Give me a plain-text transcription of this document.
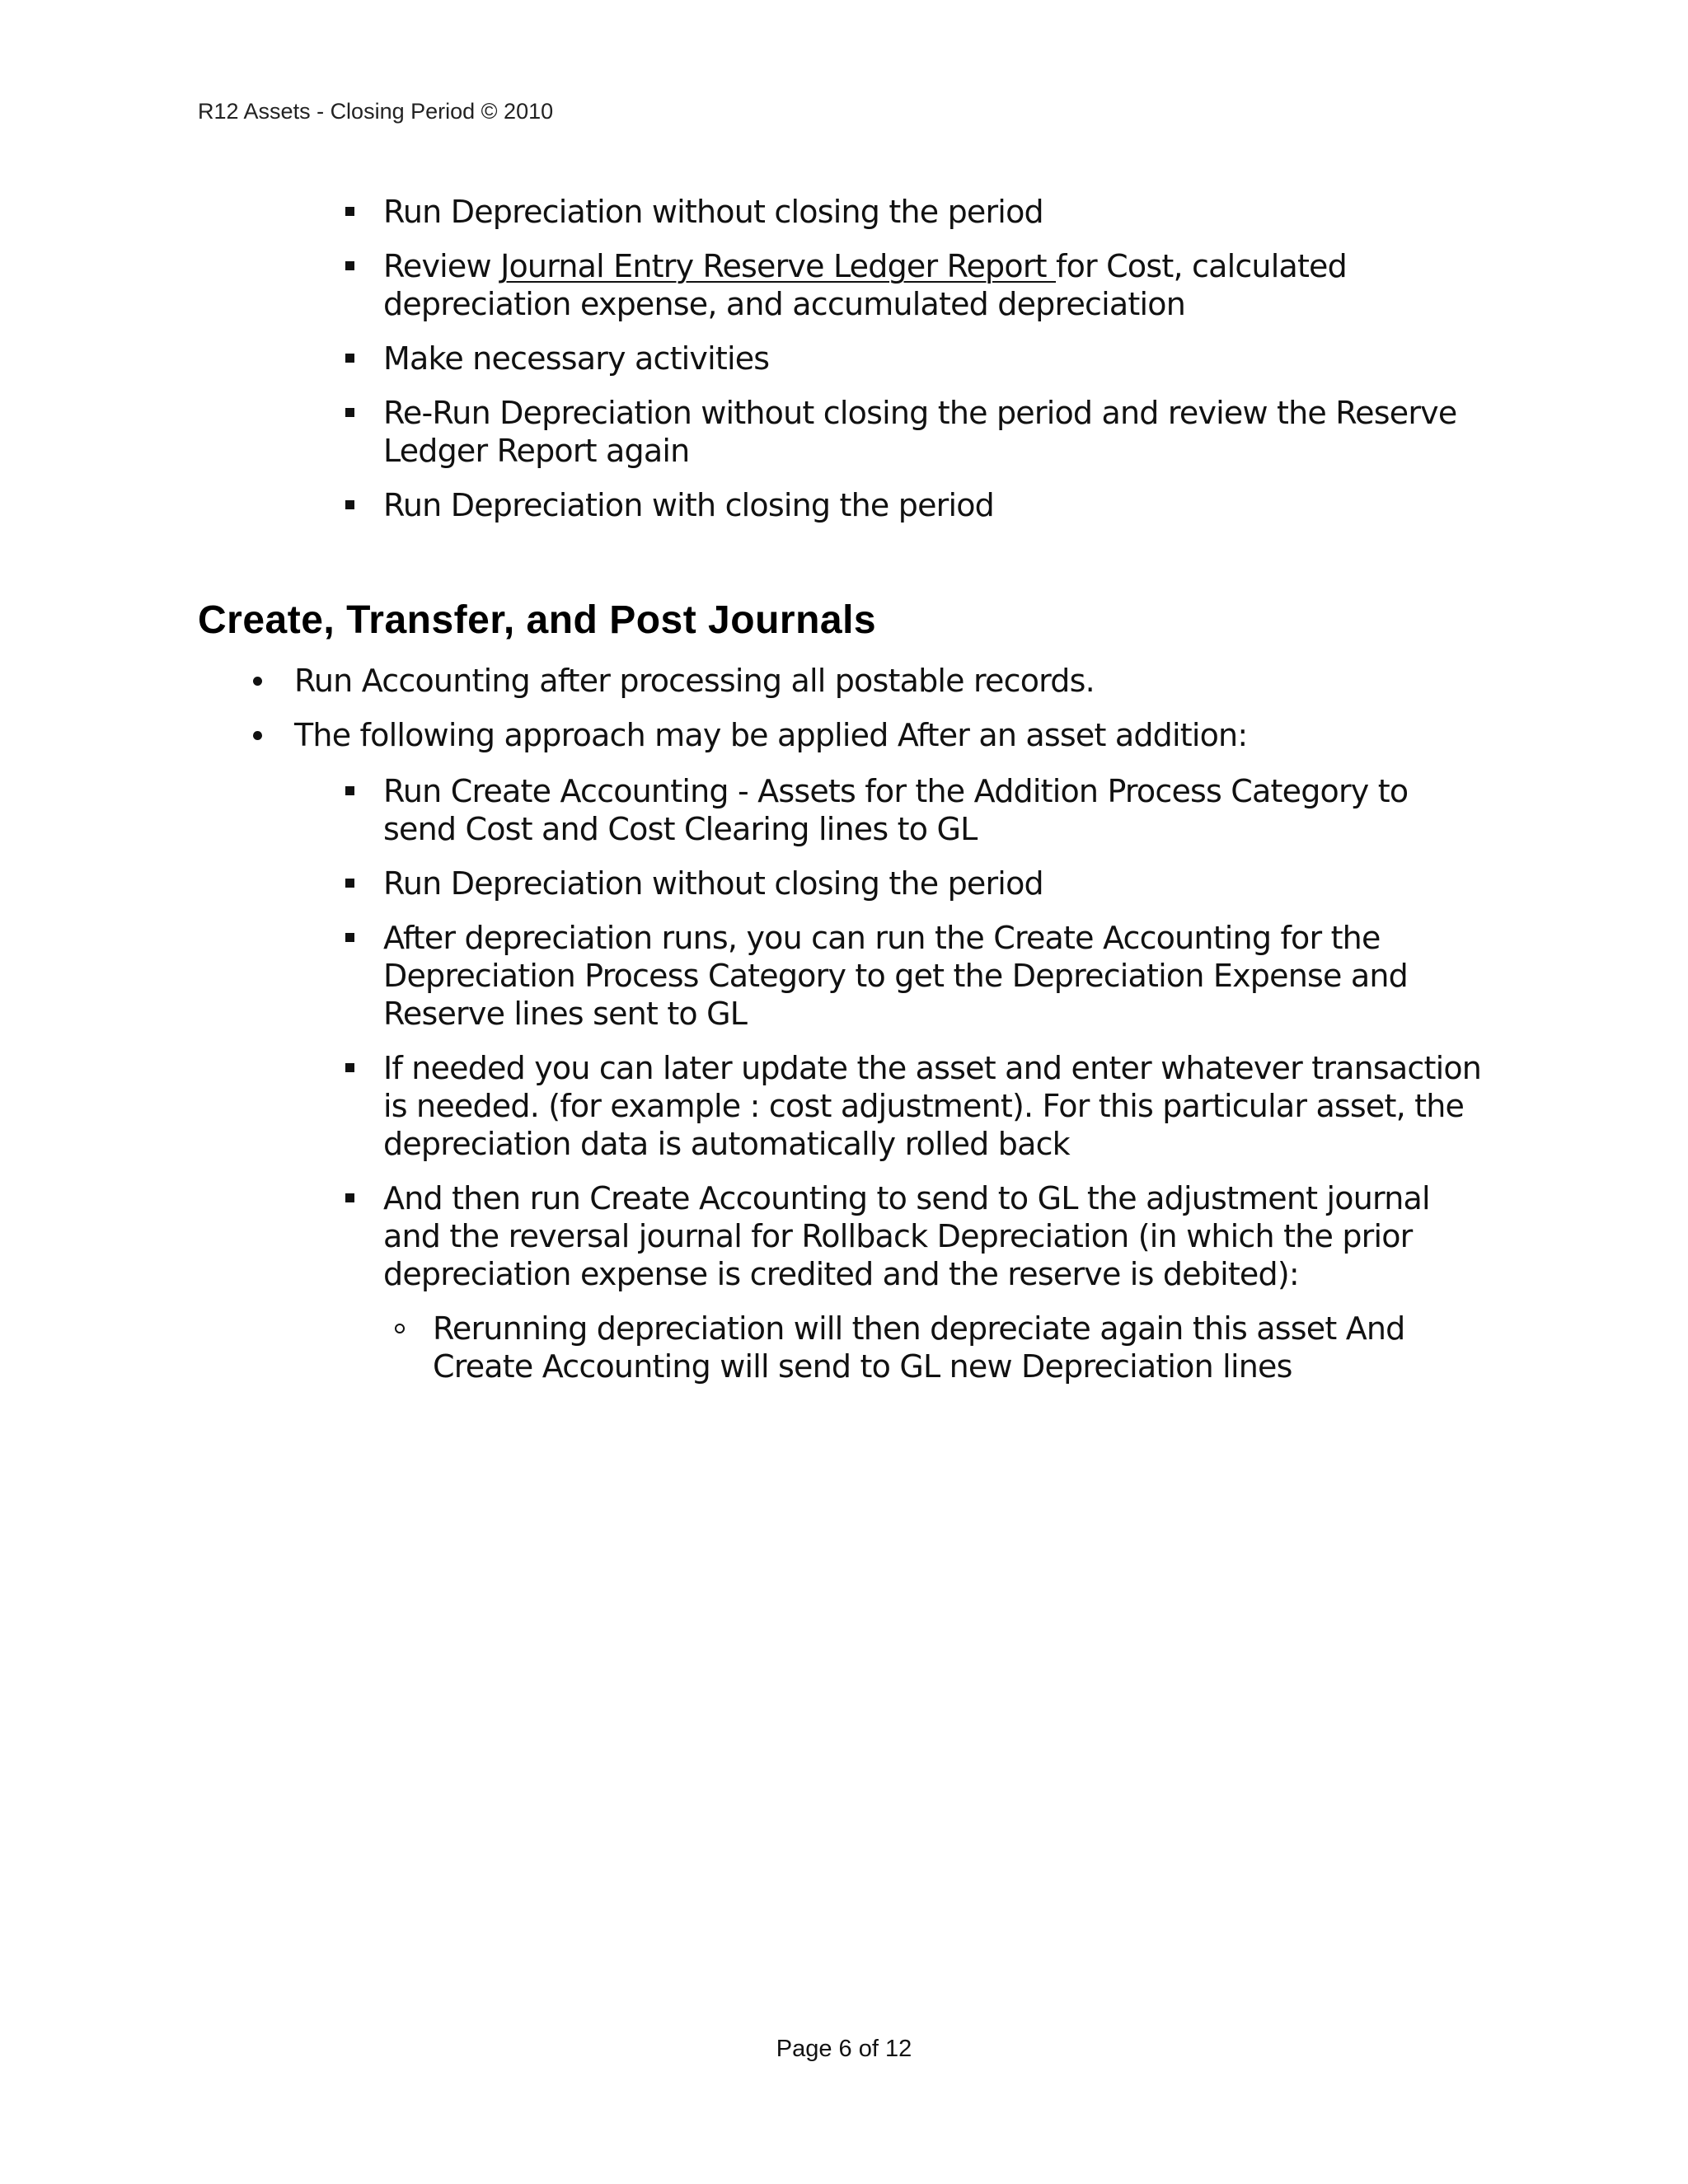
R12 Assets - Closing Period © 2010
Run Depreciation without closing the period
Review Journal Entry Reserve Ledger Report for Cost, calculated depreciation expense, and accumulated depreciation
Make necessary activities
Re-Run Depreciation without closing the period and review the Reserve Ledger Report again
Run Depreciation with closing the period
Create, Transfer, and Post Journals
Run Accounting after processing all postable records.
The following approach may be applied After an asset addition:
Run Create Accounting - Assets for the Addition Process Category to send Cost and Cost Clearing lines to GL
Run Depreciation without closing the period
After depreciation runs, you can run the Create Accounting for the Depreciation Process Category to get the Depreciation Expense and Reserve lines sent to GL
If needed you can later update the asset and enter whatever transaction is needed. (for example : cost adjustment). For this particular asset, the depreciation data is automatically rolled back
And then run Create Accounting to send to GL the adjustment journal and the reversal journal for Rollback Depreciation (in which the prior depreciation expense is credited and the reserve is debited):
Rerunning depreciation will then depreciate again this asset And Create Accounting will send to GL new Depreciation lines
Page 6 of 12
